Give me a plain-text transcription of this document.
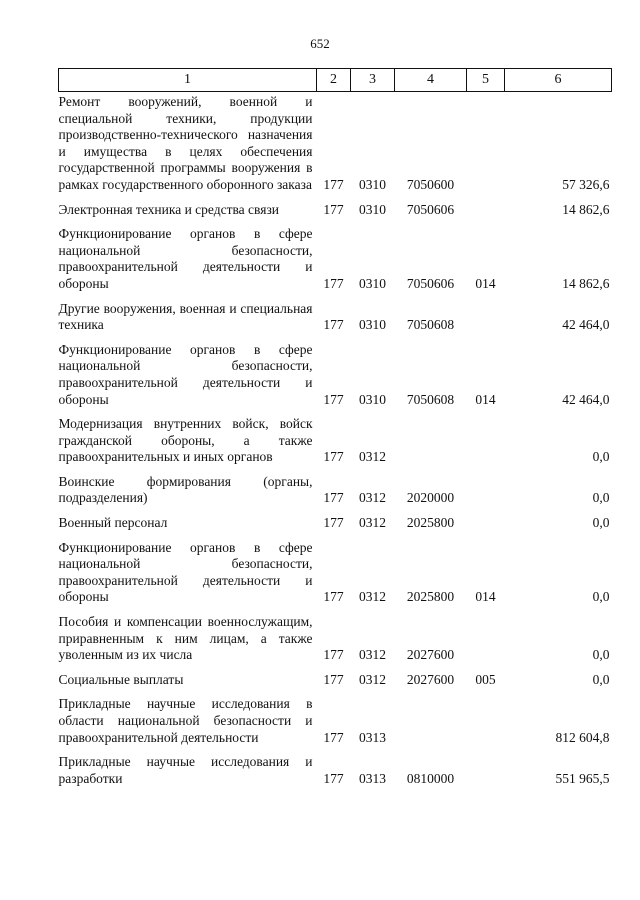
652
1	2	3	4	5	6
Ремонт вооружений, военной и специальной техники, продукции производственно-технического назначения и имущества в целях обеспечения государственной программы вооружения в рамках государственного оборонного заказа	177	0310	7050600		57 326,6
Электронная техника и средства связи	177	0310	7050606		14 862,6
Функционирование органов в сфере национальной безопасности, правоохранительной деятельности и обороны	177	0310	7050606	014	14 862,6
Другие вооружения, военная и специальная техника	177	0310	7050608		42 464,0
Функционирование органов в сфере национальной безопасности, правоохранительной деятельности и обороны	177	0310	7050608	014	42 464,0
Модернизация внутренних войск, войск гражданской обороны, а также правоохранительных и иных органов	177	0312			0,0
Воинские формирования (органы, подразделения)	177	0312	2020000		0,0
Военный персонал	177	0312	2025800		0,0
Функционирование органов в сфере национальной безопасности, правоохранительной деятельности и обороны	177	0312	2025800	014	0,0
Пособия и компенсации военнослужащим, приравненным к ним лицам, а также уволенным из их числа	177	0312	2027600		0,0
Социальные выплаты	177	0312	2027600	005	0,0
Прикладные научные исследования в области национальной безопасности и правоохранительной деятельности	177	0313			812 604,8
Прикладные научные исследования и разработки	177	0313	0810000		551 965,5
